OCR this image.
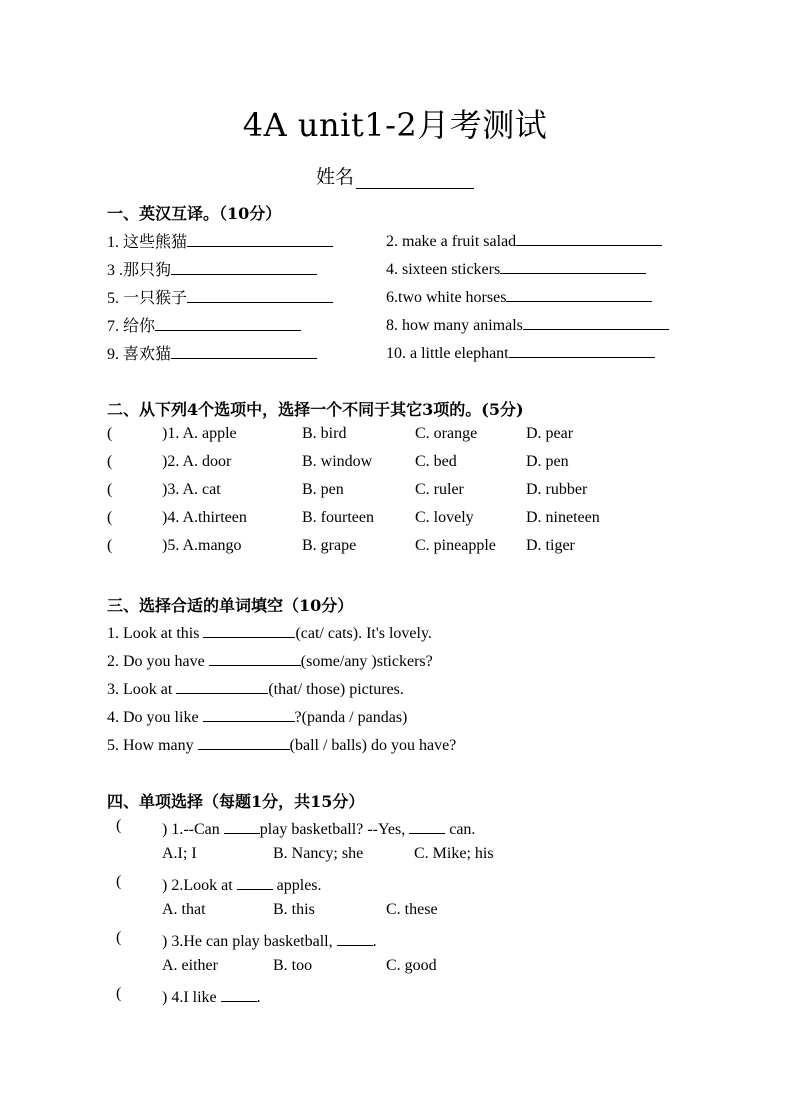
4A unit1-2月考测试
姓名
一、英汉互译。（10分）
1. 这些熊猫	2. make a fruit salad
3 .那只狗	4. sixteen stickers
5. 一只猴子	6.two white horses
7. 给你	8. how many animals
9. 喜欢猫	10. a little elephant
二、从下列4个选项中，选择一个不同于其它3项的。(5分)
(	)1. A. apple	B. bird	C. orange	D. pear
(	)2. A. door	B. window	C. bed	D. pen
(	)3. A. cat	B. pen	C. ruler	D. rubber
(	)4. A.thirteen	B. fourteen	C. lovely	D. nineteen
(	)5. A.mango	B. grape	C. pineapple D. tiger
三、选择合适的单词填空（10分）
1. Look at this	(cat/ cats). It's lovely.
2. Do you have	(some/any )stickers?
3. Look at	(that/ those) pictures.
4. Do you like	?(panda / pandas)
5. How many	(ball / balls) do you have?
四、单项选择（每题1分，共15分）
(	) 1.--Can play basketball? --Yes,  can.
A.I; I	B. Nancy; she	C. Mike; his
(	) 2.Look at  apples.
A. that	B. this	C. these
(	) 3.He can play basketball, .
A. either	B. too	C. good
(	) 4.I like .
